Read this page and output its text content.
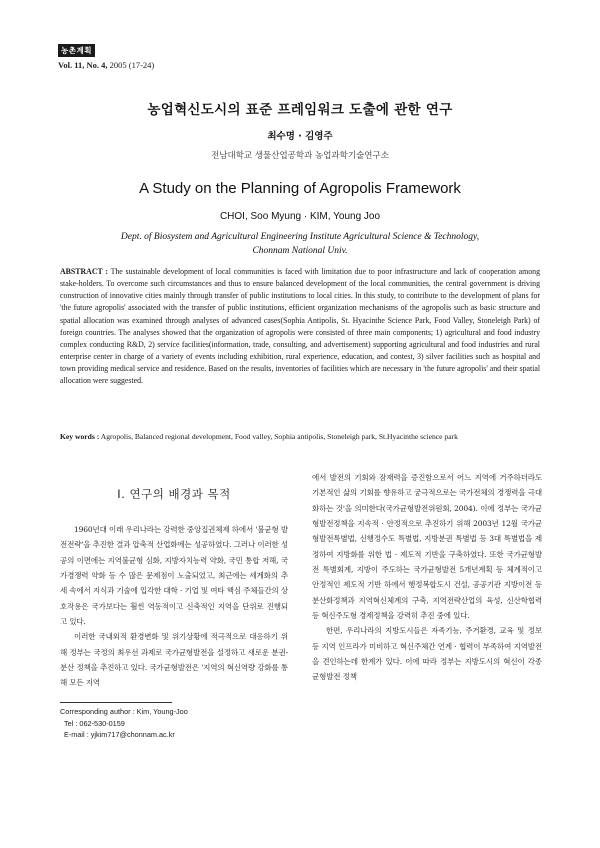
농촌계획
Vol. 11, No. 4, 2005 (17-24)
농업혁신도시의 표준 프레임워크 도출에 관한 연구
최수명 · 김영주
전남대학교 생물산업공학과 농업과학기술연구소
A Study on the Planning of Agropolis Framework
CHOI, Soo Myung · KIM, Young Joo
Dept. of Biosystem and Agricultural Engineering Institute Agricultural Science & Technology,
Chonnam National Univ.
ABSTRACT : The sustainable development of local communities is faced with limitation due to poor infrastructure and lack of cooperation among stake-holders. To overcome such circumstances and thus to ensure balanced development of the local communities, the central government is driving construction of innovative cities mainly through transfer of public institutions to local cities. In this study, to contribute to the development of plans for 'the future agropolis' associated with the transfer of public institutions, efficient organization mechanisms of the agropolis such as basic structure and spatial allocation was examined through analyses of advanced cases(Sophia Antipolis, St. Hyacinthe Science Park, Food Valley, Stoneleigh Park) of foreign countries. The analyses showed that the organization of agropolis were consisted of three main components; 1) agricultural and food industry complex conducting R&D, 2) service facilities(information, trade, consulting, and advertisement) supporting agricultural and food industries and rural enterprise center in charge of a variety of events including exhibition, rural experience, education, and contest, 3) silver facilities such as hospital and town providing medical service and residence. Based on the results, inventories of facilities which are necessary in 'the future agropolis' and their spatial allocation were suggested.
Key words : Agropolis, Balanced regional development, Food valley, Sophia antipolis, Stoneleigh park, St.Hyacinthe science park
I. 연구의 배경과 목적

1960년대 이래 우리나라는 강력한 중앙집권체제 하에서 '불균형 발전전략'을 추진한 결과 압축적 산업화에는 성공하였다. 그러나 이러한 성공의 이면에는 지역불균형 심화, 지방자치능력 약화, 국민 통합 저해, 국가경쟁력 약화 등 수 많은 문제점이 노출되었고, 최근에는 세계화의 추세 속에서 지식과 기술에 입각한 대학 · 기업 및 여타 핵심 주체들간의 상호작용은 국가보다는 훨씬 역동적이고 신축적인 지역을 단위로 진행되고 있다.

이러한 국내외적 환경변화 및 위기상황에 적극적으로 대응하기 위해 정부는 국정의 최우선 과제로 국가균형발전을 설정하고 새로운 분권-분산 정책을 추진하고 있다. 국가균형발전은 '지역의 혁신역량 강화를 통해 모든 지역

에서 발전의 기회와 잠재력을 증진함으로서 어느 지역에 거주하더라도 기본적인 삶의 기회를 향유하고 궁극적으로는 국가전체의 경쟁력을 극대화하는 것'을 의미한다(국가균형발전위원회, 2004). 이에 정부는 국가균형발전정책을 지속적 · 안정적으로 추진하기 위해 2003년 12월 국가균형발전특별법, 신행정수도 특별법, 지방분권 특별법 등 3대 특별법을 제정하여 지방화를 위한 법 · 제도적 기반을 구축하였다. 또한 국가균형발전 특별회계, 지방이 주도하는 국가균형발전 5개년계획 등 체계적이고 안정적인 제도적 기반 하에서 행정복합도시 건설, 공공기관 지방이전 등 분산화정책과 지역혁신체계의 구축, 지역전략산업의 육성, 신산학협력 등 혁신주도형 경제정책을 강력히 추진 중에 있다.

한편, 우리나라의 지방도시들은 자족기능, 주거환경, 교육 및 정보 등 지역 인프라가 미비하고 혁신주체간 연계 · 협력이 부족하여 지역발전을 견인하는데 한계가 있다. 이에 따라 정부는 지방도시의 혁신이 각종 균형발전 정책

Corresponding author : Kim, Young-Joo
Tel : 062-530-0159
E-mail : yjkim717@chonnam.ac.kr
